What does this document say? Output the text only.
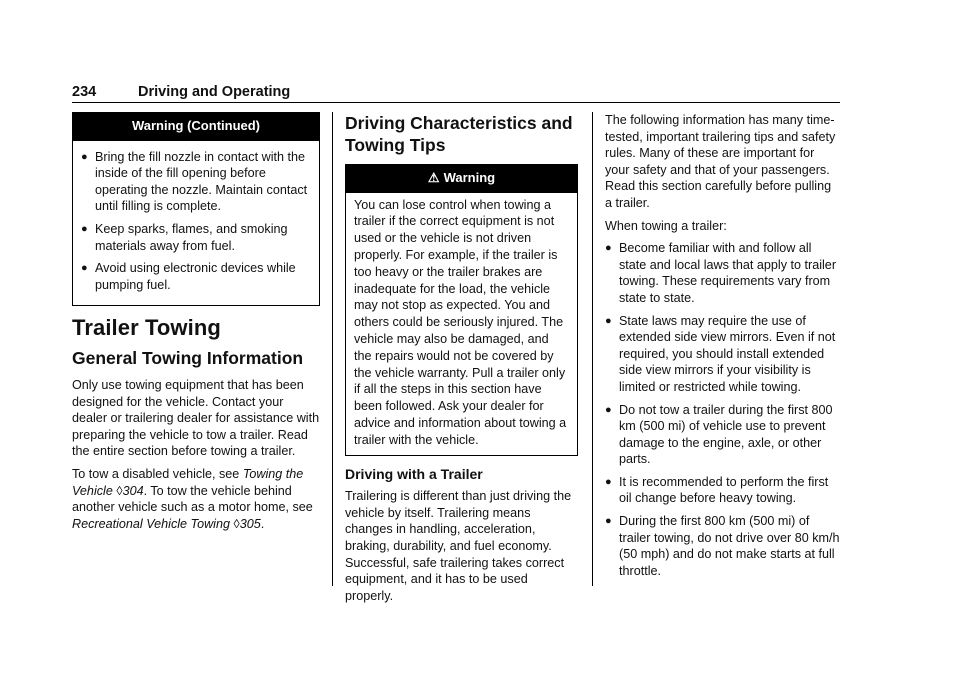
234	Driving and Operating
Warning (Continued)
● Bring the fill nozzle in contact with the inside of the fill opening before operating the nozzle. Maintain contact until filling is complete.
● Keep sparks, flames, and smoking materials away from fuel.
● Avoid using electronic devices while pumping fuel.
Trailer Towing
General Towing Information

Only use towing equipment that has been designed for the vehicle. Contact your dealer or trailering dealer for assistance with preparing the vehicle to tow a trailer. Read the entire section before towing a trailer.

To tow a disabled vehicle, see Towing the Vehicle ◊304. To tow the vehicle behind another vehicle such as a motor home, see Recreational Vehicle Towing ◊305.

Driving Characteristics and Towing Tips
⚠ Warning

You can lose control when towing a trailer if the correct equipment is not used or the vehicle is not driven properly. For example, if the trailer is too heavy or the trailer brakes are inadequate for the load, the vehicle may not stop as expected. You and others could be seriously injured. The vehicle may also be damaged, and the repairs would not be covered by the vehicle warranty. Pull a trailer only if all the steps in this section have been followed. Ask your dealer for advice and information about towing a trailer with the vehicle.

Driving with a Trailer

Trailering is different than just driving the vehicle by itself. Trailering means changes in handling, acceleration, braking, durability, and fuel economy. Successful, safe trailering takes correct equipment, and it has to be used properly.

The following information has many time-tested, important trailering tips and safety rules. Many of these are important for your safety and that of your passengers. Read this section carefully before pulling a trailer.

When towing a trailer:

● Become familiar with and follow all state and local laws that apply to trailer towing. These requirements vary from state to state.
● State laws may require the use of extended side view mirrors. Even if not required, you should install extended side view mirrors if your visibility is limited or restricted while towing.
● Do not tow a trailer during the first 800 km (500 mi) of vehicle use to prevent damage to the engine, axle, or other parts.
● It is recommended to perform the first oil change before heavy towing.
● During the first 800 km (500 mi) of trailer towing, do not drive over 80 km/h (50 mph) and do not make starts at full throttle.
